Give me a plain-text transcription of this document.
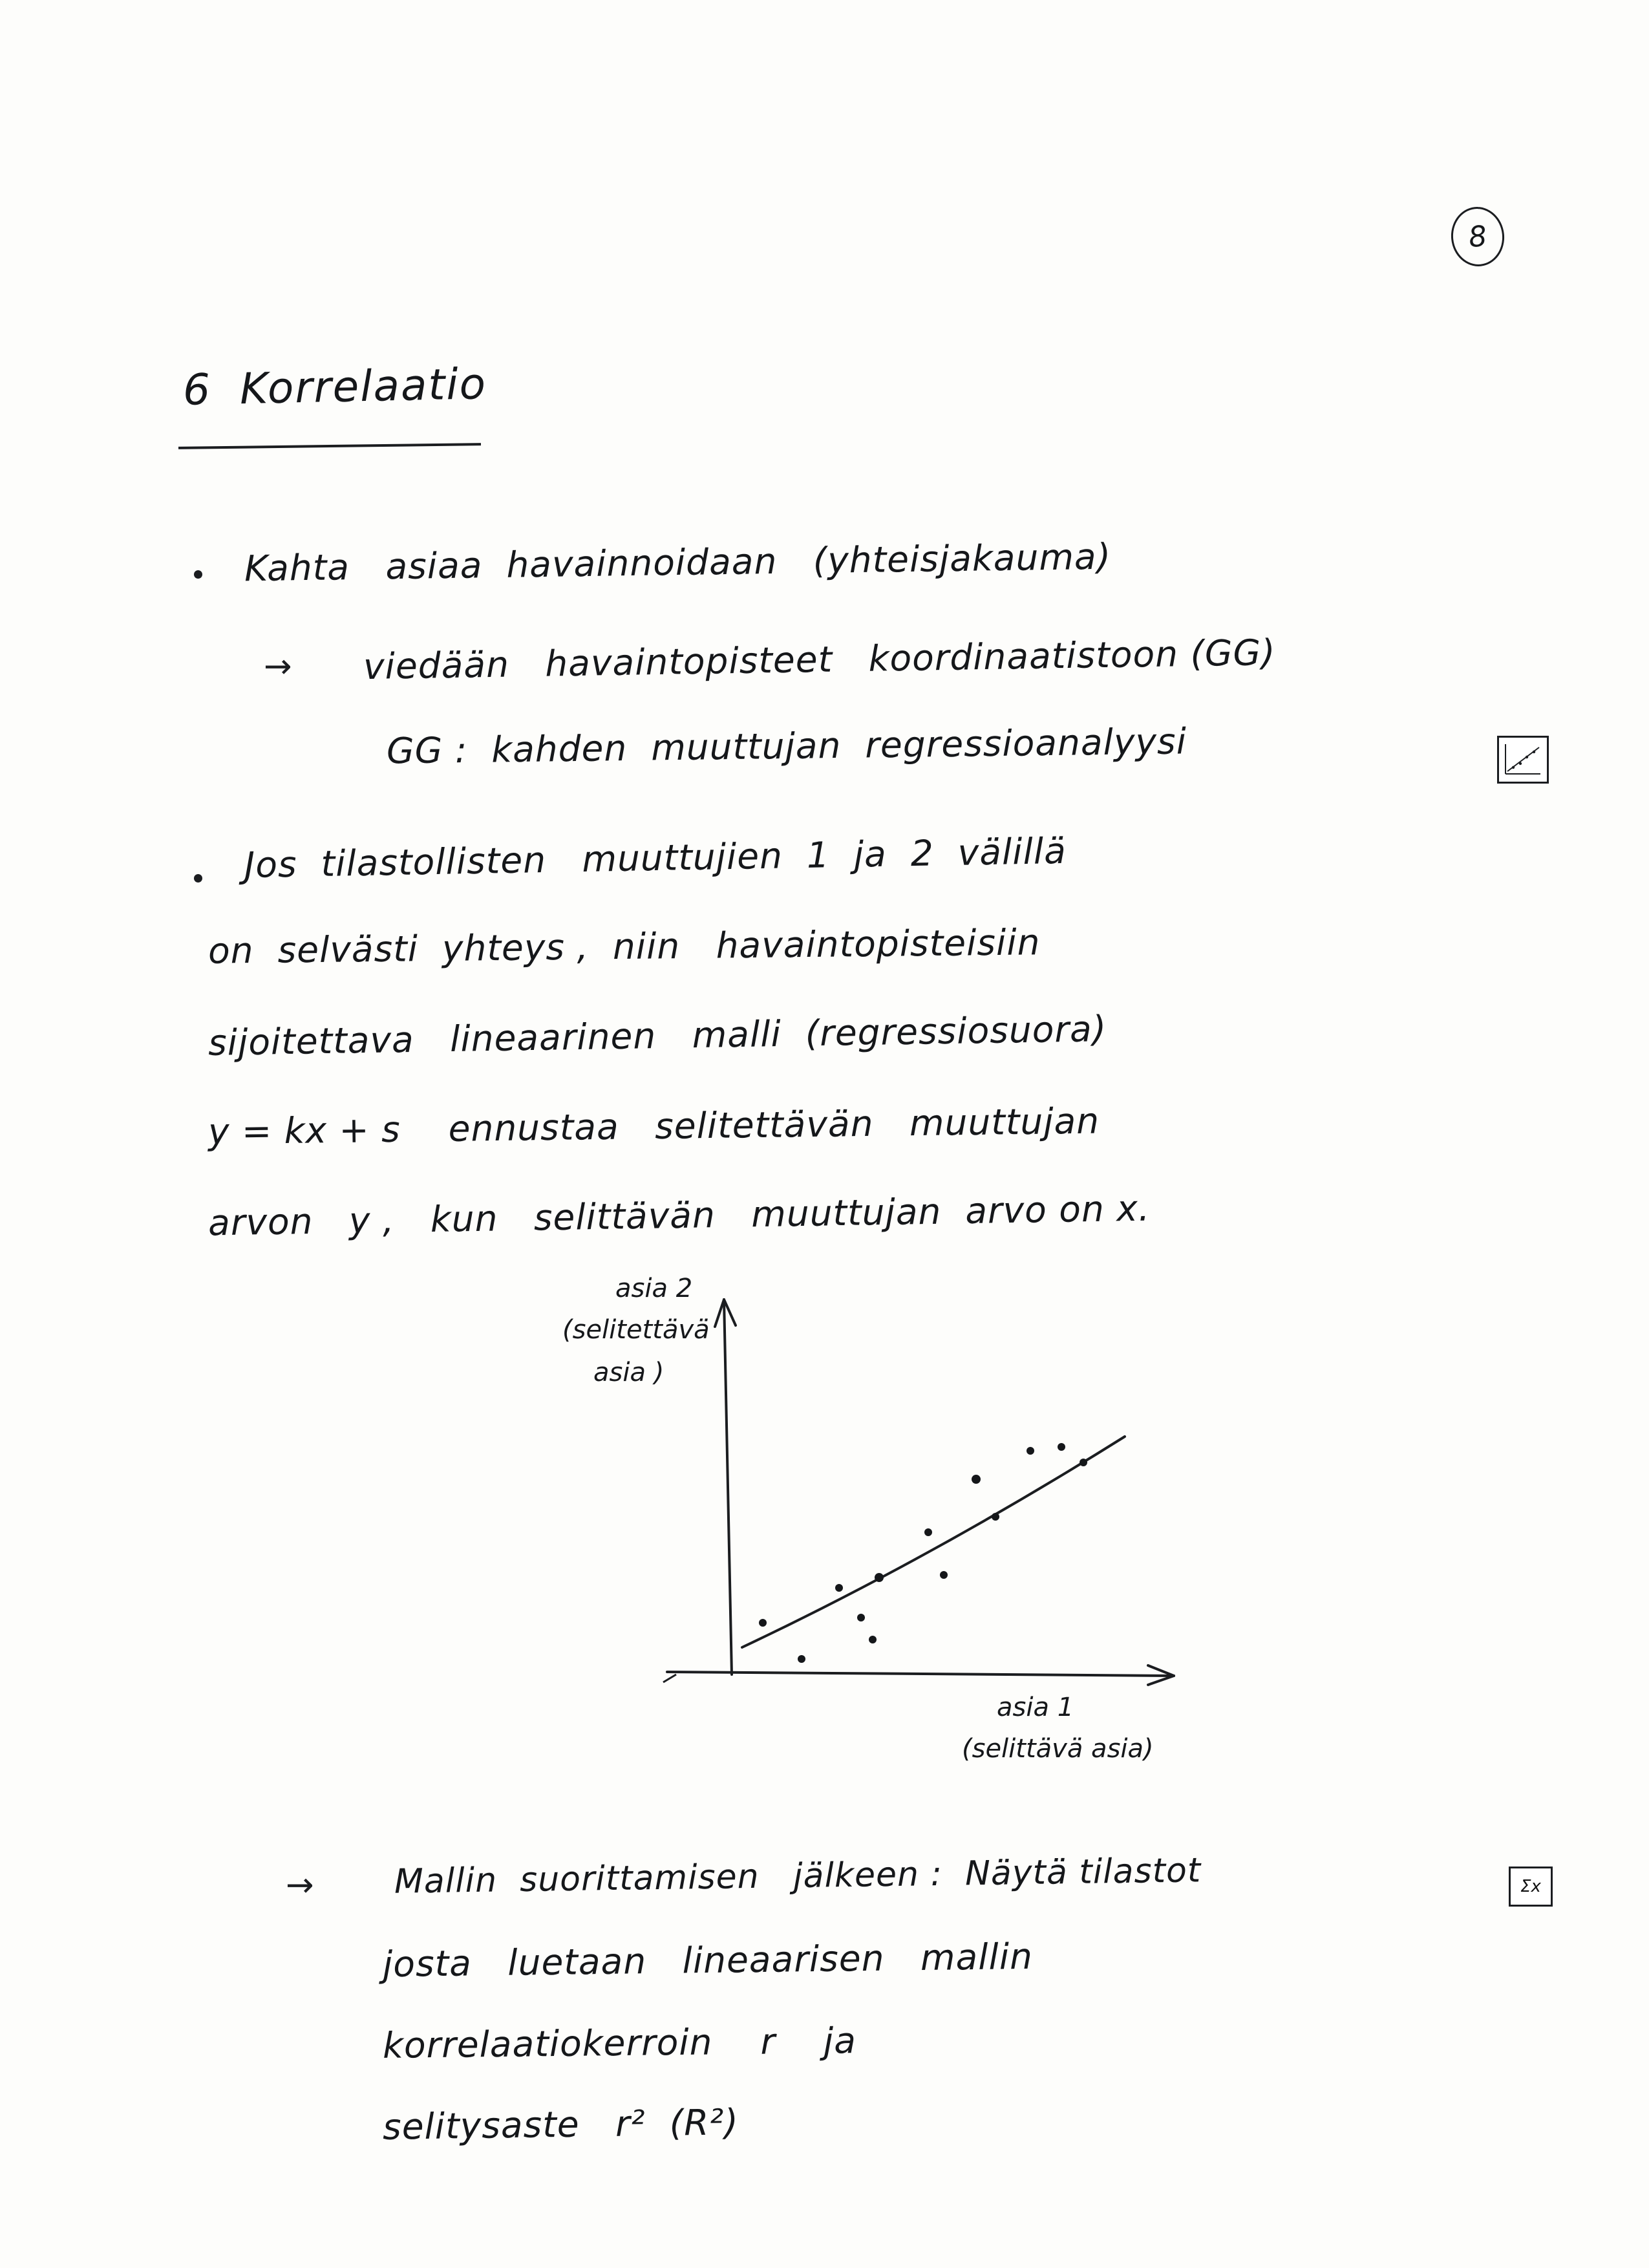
8
6 Korrelaatio
Kahta   asiaa  havainnoidaan   (yhteisjakauma)
→ viedään   havaintopisteet   koordinaatistoon (GG)
GG :  kahden  muuttujan  regressioanalyysi
Jos  tilastollisten   muuttujien  1  ja  2  välillä
on  selvästi  yhteys ,  niin   havaintopisteisiin
sijoitettava   lineaarinen   malli  (regressiosuora)
y = kx + s    ennustaa   selitettävän   muuttujan
arvon   y ,   kun   selittävän   muuttujan  arvo on x.
asia 2
(selitettävä
asia )
asia 1
(selittävä asia)
→ Mallin  suorittamisen   jälkeen :  Näytä tilastot	Σx
josta   luetaan   lineaarisen   mallin
korrelaatiokerroin    r    ja
selitysaste   r²  (R²)
